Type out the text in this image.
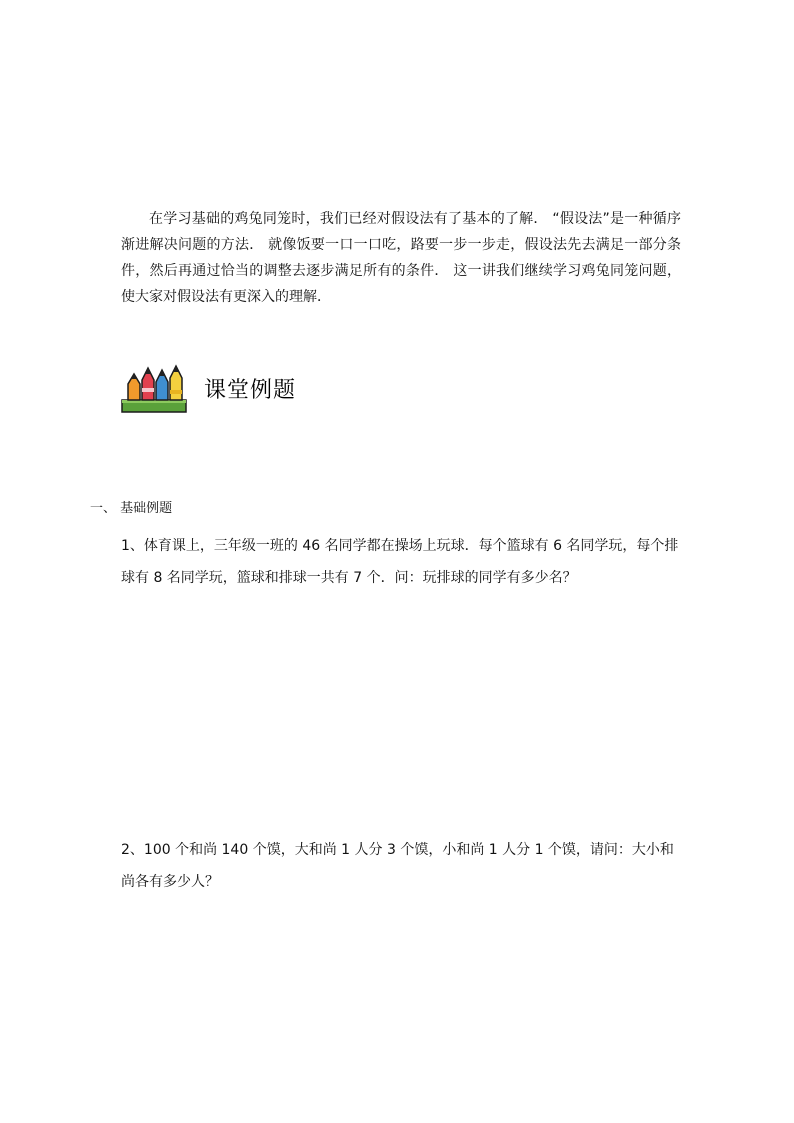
在学习基础的鸡兔同笼时，我们已经对假设法有了基本的了解． “假设法”是一种循序渐进解决问题的方法． 就像饭要一口一口吃，路要一步一步走，假设法先去满足一部分条件，然后再通过恰当的调整去逐步满足所有的条件． 这一讲我们继续学习鸡兔同笼问题，使大家对假设法有更深入的理解．

课堂例题

一、 基础例题

1、体育课上，三年级一班的 46 名同学都在操场上玩球．每个篮球有 6 名同学玩，每个排球有 8 名同学玩，篮球和排球一共有 7 个．问：玩排球的同学有多少名？

2、100 个和尚 140 个馍，大和尚 1 人分 3 个馍，小和尚 1 人分 1 个馍，请问：大小和尚各有多少人？
